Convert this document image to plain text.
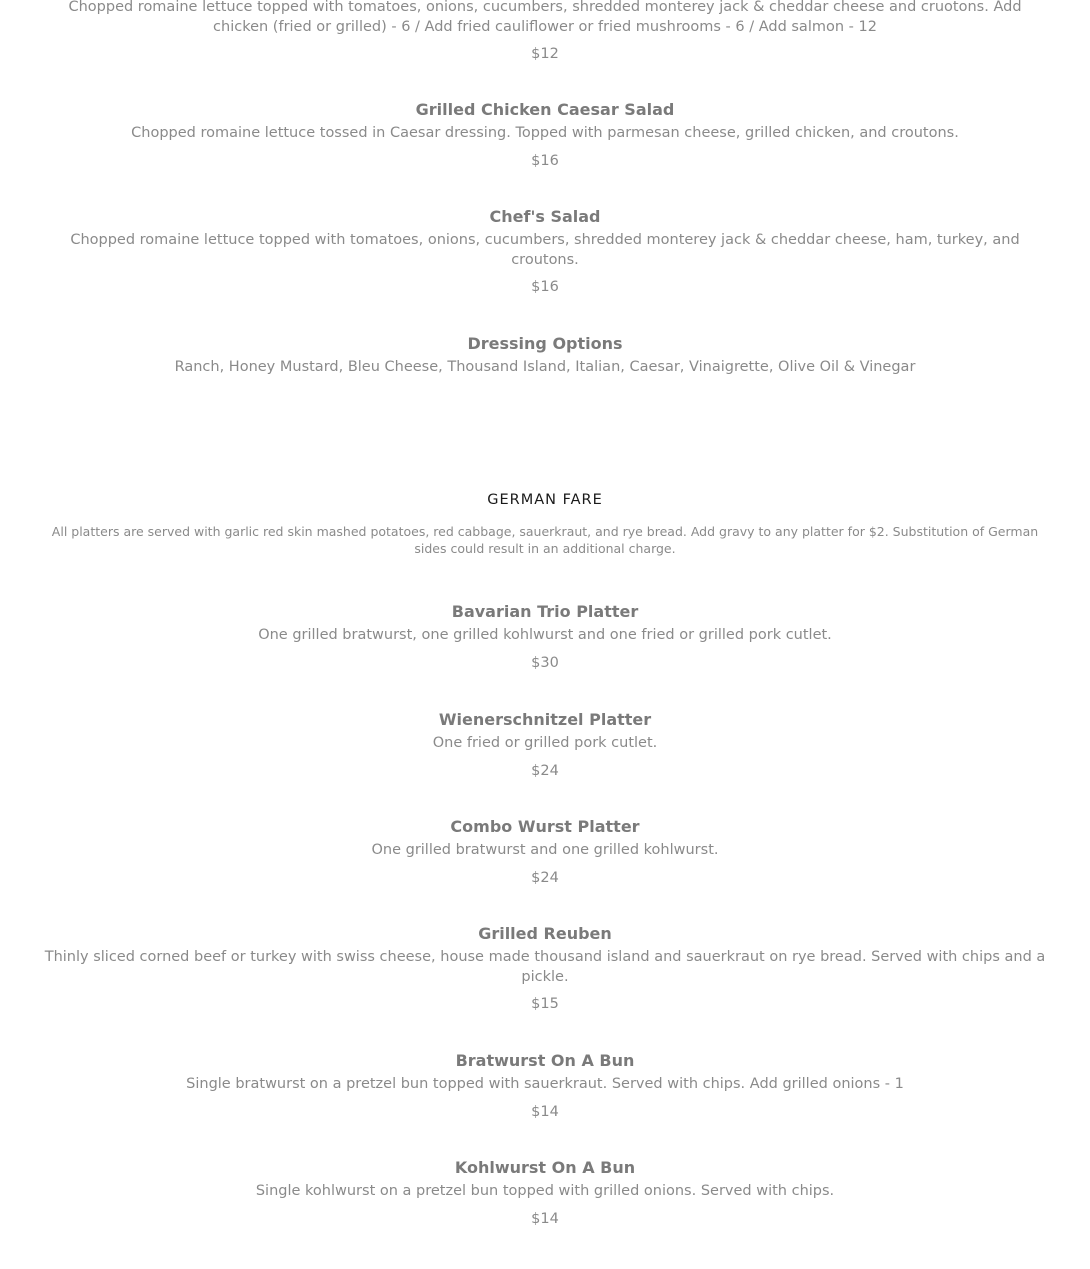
Chopped romaine lettuce topped with tomatoes, onions, cucumbers, shredded monterey jack & cheddar cheese and cruotons. Add chicken (fried or grilled) - 6 / Add fried cauliflower or fried mushrooms - 6 / Add salmon - 12

$12

Grilled Chicken Caesar Salad

Chopped romaine lettuce tossed in Caesar dressing. Topped with parmesan cheese, grilled chicken, and croutons.

$16

Chef's Salad

Chopped romaine lettuce topped with tomatoes, onions, cucumbers, shredded monterey jack & cheddar cheese, ham, turkey, and croutons.

$16

Dressing Options

Ranch, Honey Mustard, Bleu Cheese, Thousand Island, Italian, Caesar, Vinaigrette, Olive Oil & Vinegar

GERMAN FARE

All platters are served with garlic red skin mashed potatoes, red cabbage, sauerkraut, and rye bread. Add gravy to any platter for $2. Substitution of German sides could result in an additional charge.

Bavarian Trio Platter

One grilled bratwurst, one grilled kohlwurst and one fried or grilled pork cutlet.

$30

Wienerschnitzel Platter

One fried or grilled pork cutlet.

$24

Combo Wurst Platter

One grilled bratwurst and one grilled kohlwurst.

$24

Grilled Reuben

Thinly sliced corned beef or turkey with swiss cheese, house made thousand island and sauerkraut on rye bread. Served with chips and a pickle.

$15

Bratwurst On A Bun

Single bratwurst on a pretzel bun topped with sauerkraut. Served with chips. Add grilled onions - 1

$14

Kohlwurst On A Bun

Single kohlwurst on a pretzel bun topped with grilled onions. Served with chips.

$14
